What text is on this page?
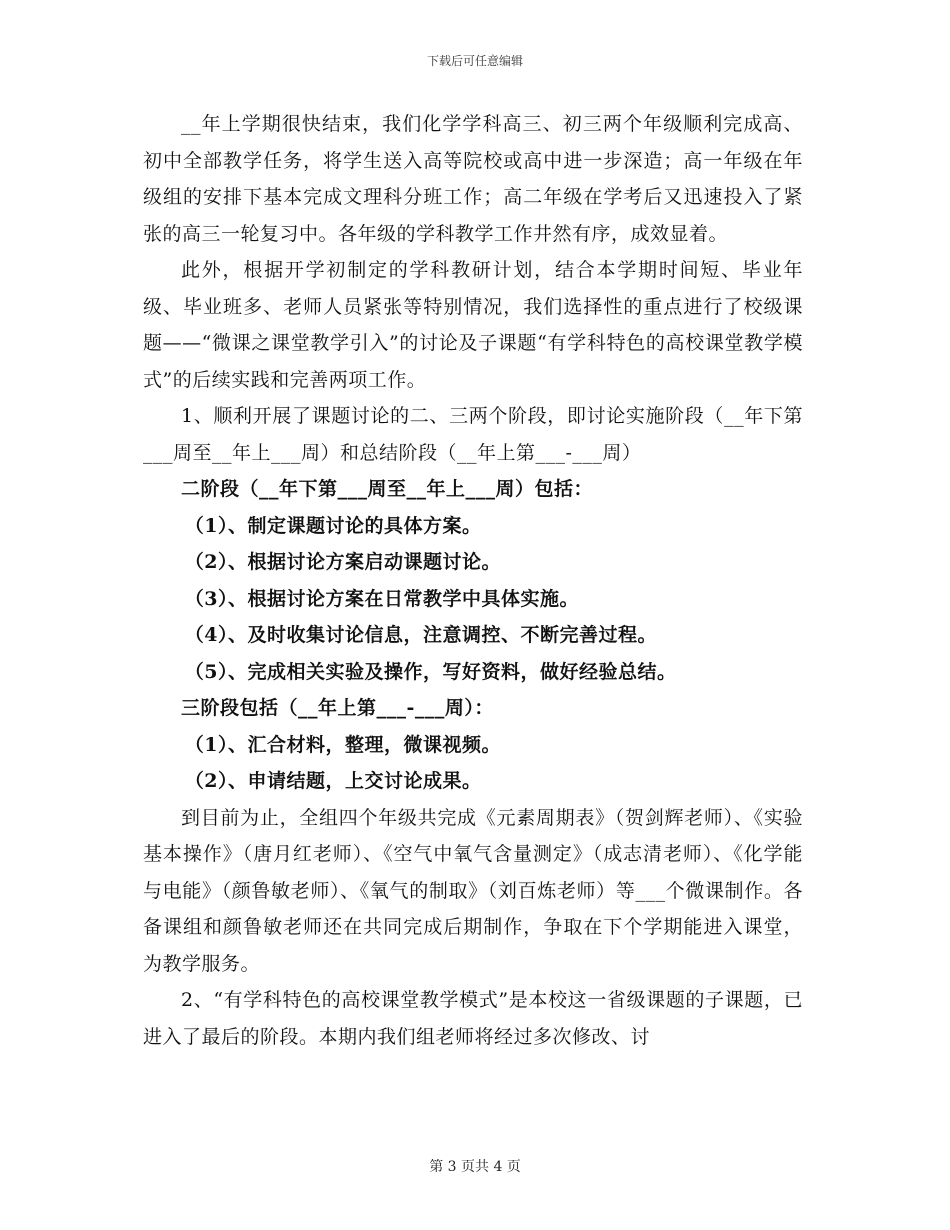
下载后可任意编辑

__年上学期很快结束，我们化学学科高三、初三两个年级顺利完成高、初中全部教学任务，将学生送入高等院校或高中进一步深造；高一年级在年级组的安排下基本完成文理科分班工作；高二年级在学考后又迅速投入了紧张的高三一轮复习中。各年级的学科教学工作井然有序，成效显着。

此外，根据开学初制定的学科教研计划，结合本学期时间短、毕业年级、毕业班多、老师人员紧张等特别情况，我们选择性的重点进行了校级课题——“微课之课堂教学引入”的讨论及子课题“有学科特色的高校课堂教学模式”的后续实践和完善两项工作。

1、顺利开展了课题讨论的二、三两个阶段，即讨论实施阶段（__年下第___周至__年上___周）和总结阶段（__年上第___-___周）

二阶段（__年下第___周至__年上___周）包括：

（1）、制定课题讨论的具体方案。

（2）、根据讨论方案启动课题讨论。

（3）、根据讨论方案在日常教学中具体实施。

（4）、及时收集讨论信息，注意调控、不断完善过程。

（5）、完成相关实验及操作，写好资料，做好经验总结。

三阶段包括（__年上第___-___周）：

（1）、汇合材料，整理，微课视频。

（2）、申请结题，上交讨论成果。

到目前为止，全组四个年级共完成《元素周期表》（贺剑辉老师）、《实验基本操作》（唐月红老师）、《空气中氧气含量测定》（成志清老师）、《化学能与电能》（颜鲁敏老师）、《氧气的制取》（刘百炼老师）等___个微课制作。各备课组和颜鲁敏老师还在共同完成后期制作，争取在下个学期能进入课堂，为教学服务。

2、“有学科特色的高校课堂教学模式”是本校这一省级课题的子课题，已进入了最后的阶段。本期内我们组老师将经过多次修改、讨

第 3 页共 4 页
